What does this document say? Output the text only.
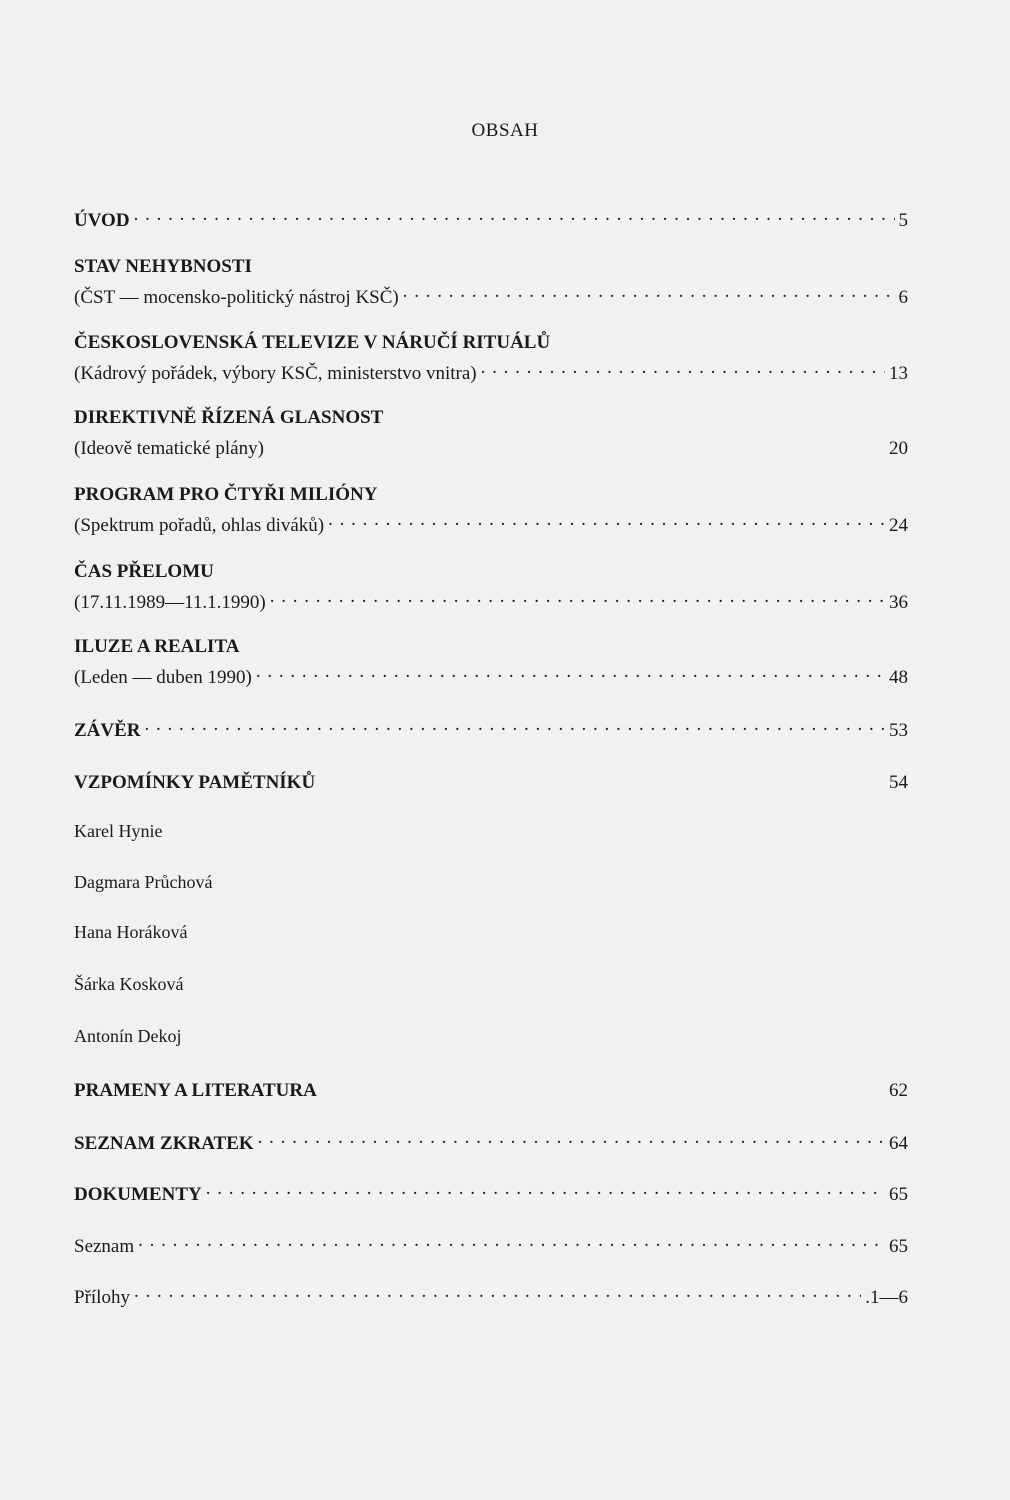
OBSAH
ÚVOD . . .	5
STAV NEHYBNOSTI
(ČST — mocensko-politický nástroj KSČ) . . .	6
ČESKOSLOVENSKÁ TELEVIZE V NÁRUČÍ RITUÁLŮ
(Kádrový pořádek, výbory KSČ, ministerstvo vnitra) . . .	13
DIREKTIVNĚ ŘÍZENÁ GLASNOST
(Ideově tematické plány)	20
PROGRAM PRO ČTYŘI MILIÓNY
(Spektrum pořadů, ohlas diváků) . . .	24
ČAS PŘELOMU
(17.11.1989—11.1.1990) . . .	36
ILUZE A REALITA
(Leden — duben 1990) . . .	48
ZÁVĚR . . .	53
VZPOMÍNKY PAMĚTNÍKŮ	54
Karel Hynie
Dagmara Průchová
Hana Horáková
Šárka Kosková
Antonín Dekoj
PRAMENY A LITERATURA	62
SEZNAM ZKRATEK . . .	64
DOKUMENTY . . .	65
Seznam . . .	65
Přílohy . . .	.1—6
